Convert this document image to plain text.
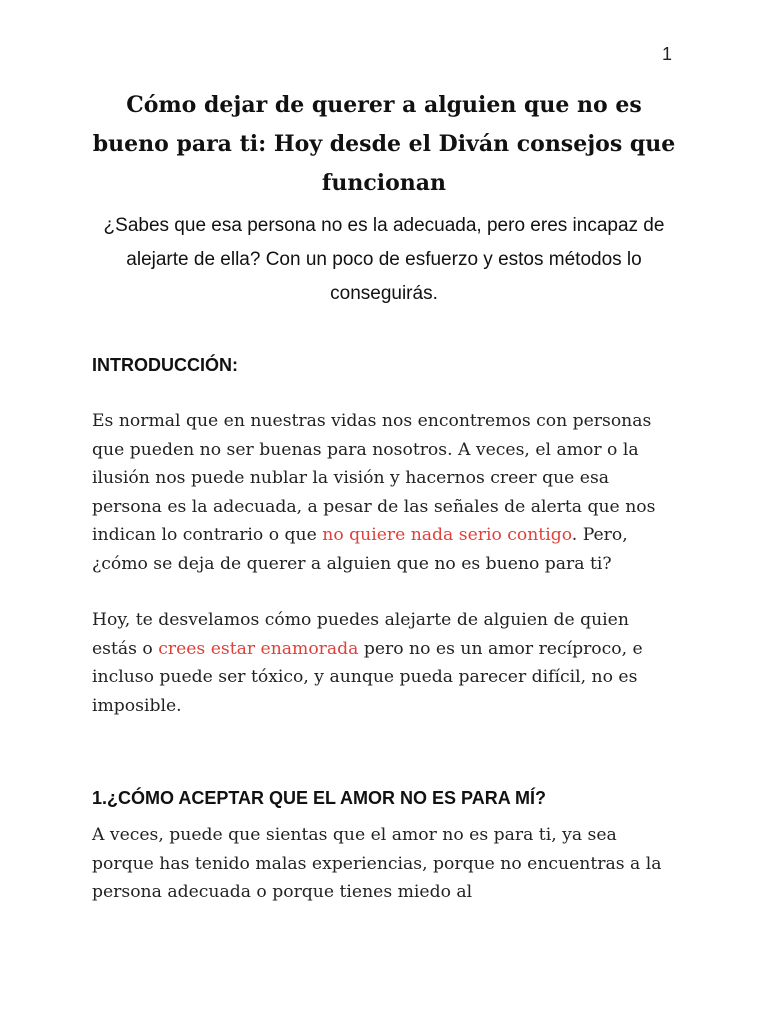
1
Cómo dejar de querer a alguien que no es bueno para ti: Hoy desde el Diván consejos que funcionan

¿Sabes que esa persona no es la adecuada, pero eres incapaz de alejarte de ella? Con un poco de esfuerzo y estos métodos lo conseguirás.

INTRODUCCIÓN:

Es normal que en nuestras vidas nos encontremos con personas que pueden no ser buenas para nosotros. A veces, el amor o la ilusión nos puede nublar la visión y hacernos creer que esa persona es la adecuada, a pesar de las señales de alerta que nos indican lo contrario o que no quiere nada serio contigo. Pero, ¿cómo se deja de querer a alguien que no es bueno para ti?

Hoy, te desvelamos cómo puedes alejarte de alguien de quien estás o crees estar enamorada pero no es un amor recíproco, e incluso puede ser tóxico, y aunque pueda parecer difícil, no es imposible.

1.¿CÓMO ACEPTAR QUE EL AMOR NO ES PARA MÍ?

A veces, puede que sientas que el amor no es para ti, ya sea porque has tenido malas experiencias, porque no encuentras a la persona adecuada o porque tienes miedo al
